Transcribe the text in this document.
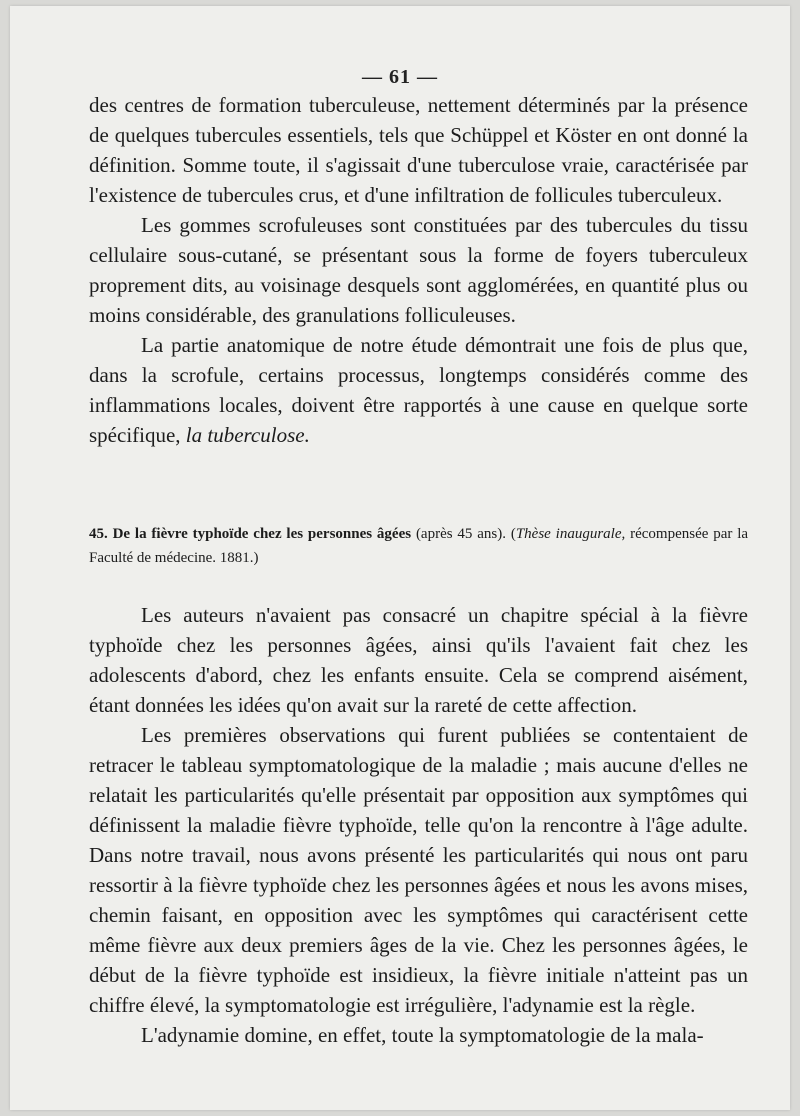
— 61 —

des centres de formation tuberculeuse, nettement déterminés par la présence de quelques tubercules essentiels, tels que Schüppel et Köster en ont donné la définition. Somme toute, il s'agissait d'une tuberculose vraie, caractérisée par l'existence de tubercules crus, et d'une infiltration de follicules tuberculeux.

Les gommes scrofuleuses sont constituées par des tubercules du tissu cellulaire sous-cutané, se présentant sous la forme de foyers tuberculeux proprement dits, au voisinage desquels sont agglomérées, en quantité plus ou moins considérable, des granulations folliculeuses.

La partie anatomique de notre étude démontrait une fois de plus que, dans la scrofule, certains processus, longtemps considérés comme des inflammations locales, doivent être rapportés à une cause en quelque sorte spécifique, la tuberculose.

45. De la fièvre typhoïde chez les personnes âgées (après 45 ans). (Thèse inaugurale, récompensée par la Faculté de médecine. 1881.)

Les auteurs n'avaient pas consacré un chapitre spécial à la fièvre typhoïde chez les personnes âgées, ainsi qu'ils l'avaient fait chez les adolescents d'abord, chez les enfants ensuite. Cela se comprend aisément, étant données les idées qu'on avait sur la rareté de cette affection.

Les premières observations qui furent publiées se contentaient de retracer le tableau symptomatologique de la maladie ; mais aucune d'elles ne relatait les particularités qu'elle présentait par opposition aux symptômes qui définissent la maladie fièvre typhoïde, telle qu'on la rencontre à l'âge adulte. Dans notre travail, nous avons présenté les particularités qui nous ont paru ressortir à la fièvre typhoïde chez les personnes âgées et nous les avons mises, chemin faisant, en opposition avec les symptômes qui caractérisent cette même fièvre aux deux premiers âges de la vie. Chez les personnes âgées, le début de la fièvre typhoïde est insidieux, la fièvre initiale n'atteint pas un chiffre élevé, la symptomatologie est irrégulière, l'adynamie est la règle.

L'adynamie domine, en effet, toute la symptomatologie de la mala-
